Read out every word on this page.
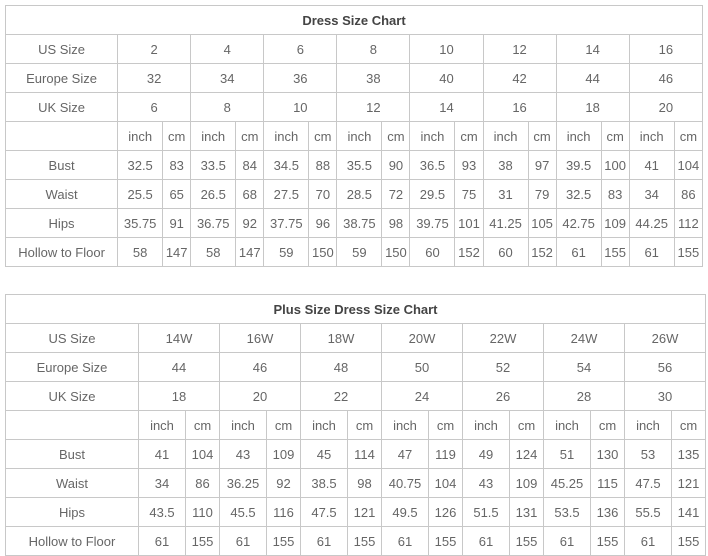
Dress Size Chart																
US Size	2		4		6		8		10		12		14		16	
Europe Size	32		34		36		38		40		42		44		46	
UK Size	6		8		10		12		14		16		18		20	
	inch	cm	inch	cm	inch	cm	inch	cm	inch	cm	inch	cm	inch	cm	inch	cm
Bust	32.5	83	33.5	84	34.5	88	35.5	90	36.5	93	38	97	39.5	100	41	104
Waist	25.5	65	26.5	68	27.5	70	28.5	72	29.5	75	31	79	32.5	83	34	86
Hips	35.75	91	36.75	92	37.75	96	38.75	98	39.75	101	41.25	105	42.75	109	44.25	112
Hollow to Floor	58	147	58	147	59	150	59	150	60	152	60	152	61	155	61	155
Plus Size Dress Size Chart														
US Size	14W		16W		18W		20W		22W		24W		26W	
Europe Size	44		46		48		50		52		54		56	
UK Size	18		20		22		24		26		28		30	
	inch	cm	inch	cm	inch	cm	inch	cm	inch	cm	inch	cm	inch	cm
Bust	41	104	43	109	45	114	47	119	49	124	51	130	53	135
Waist	34	86	36.25	92	38.5	98	40.75	104	43	109	45.25	115	47.5	121
Hips	43.5	110	45.5	116	47.5	121	49.5	126	51.5	131	53.5	136	55.5	141
Hollow to Floor	61	155	61	155	61	155	61	155	61	155	61	155	61	155
